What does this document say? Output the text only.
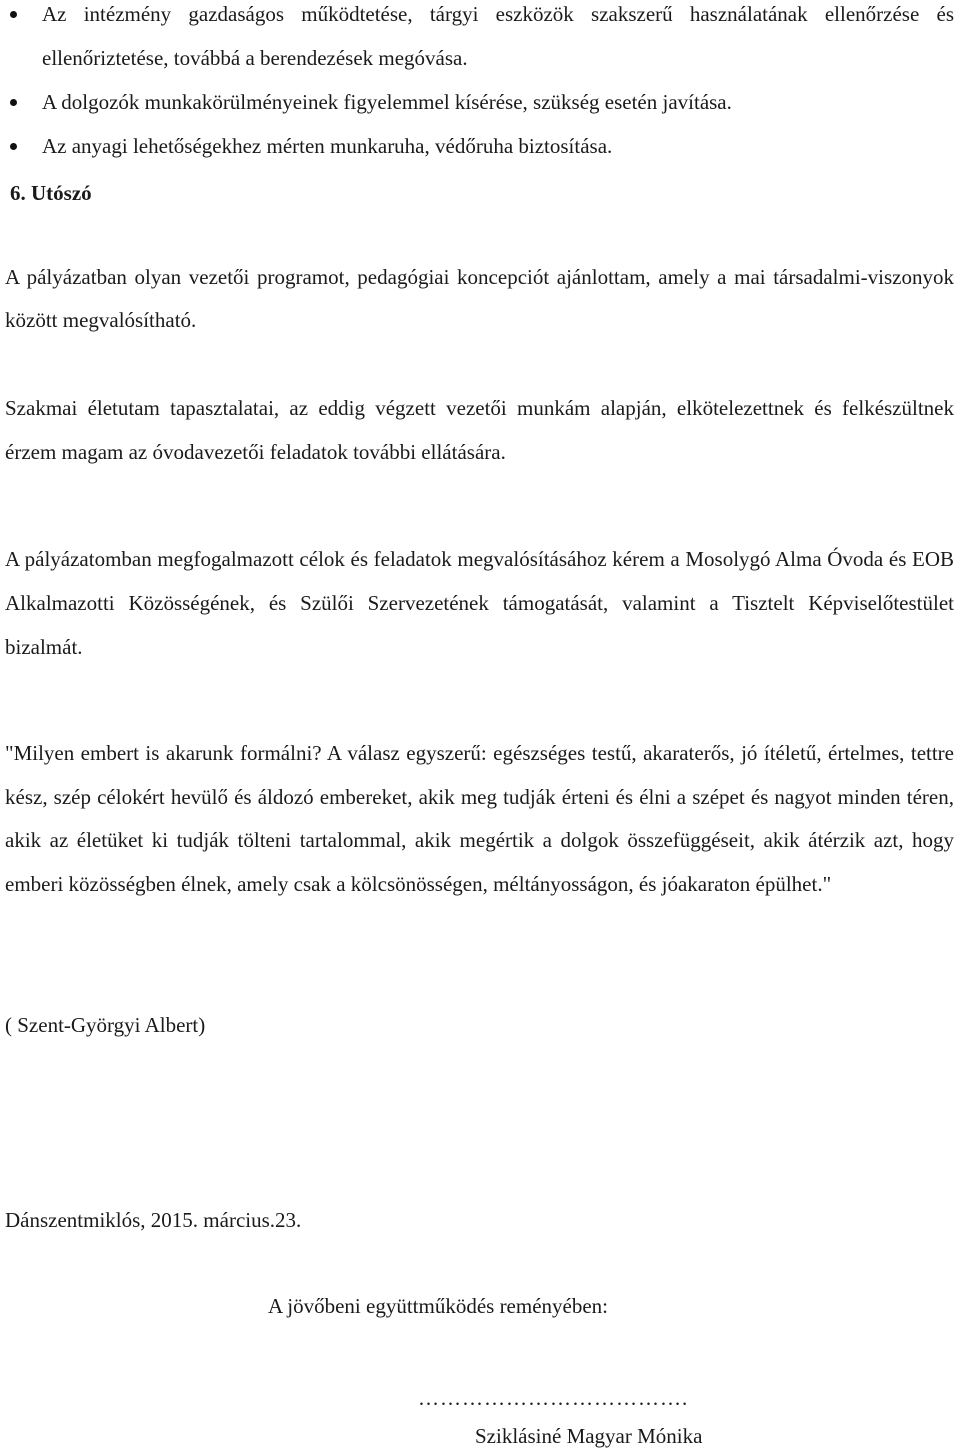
Az intézmény gazdaságos működtetése, tárgyi eszközök szakszerű használatának ellenőrzése és ellenőriztetése, továbbá a berendezések megóvása.
A dolgozók munkakörülményeinek figyelemmel kísérése, szükség esetén javítása.
Az anyagi lehetőségekhez mérten munkaruha, védőruha biztosítása.
6. Utószó
A pályázatban olyan vezetői programot, pedagógiai koncepciót ajánlottam, amely a mai társadalmi-viszonyok között megvalósítható.
Szakmai életutam tapasztalatai, az eddig végzett vezetői munkám alapján, elkötelezettnek és felkészültnek érzem magam az óvodavezetői feladatok további ellátására.
A pályázatomban megfogalmazott célok és feladatok megvalósításához kérem a Mosolygó Alma Óvoda és EOB Alkalmazotti Közösségének, és Szülői Szervezetének támogatását, valamint a Tisztelt Képviselőtestület bizalmát.
"Milyen embert is akarunk formálni? A válasz egyszerű: egészséges testű, akaraterős, jó ítéletű, értelmes, tettre kész, szép célokért hevülő és áldozó embereket, akik meg tudják érteni és élni a szépet és nagyot minden téren, akik az életüket ki tudják tölteni tartalommal, akik megértik a dolgok összefüggéseit, akik átérzik azt, hogy emberi közösségben élnek, amely csak a kölcsönösségen, méltányosságon, és jóakaraton épülhet."
( Szent-Györgyi Albert)
Dánszentmiklós, 2015. március.23.
A jövőbeni együttműködés reményében:
……………………………….
Sziklásiné Magyar Mónika
